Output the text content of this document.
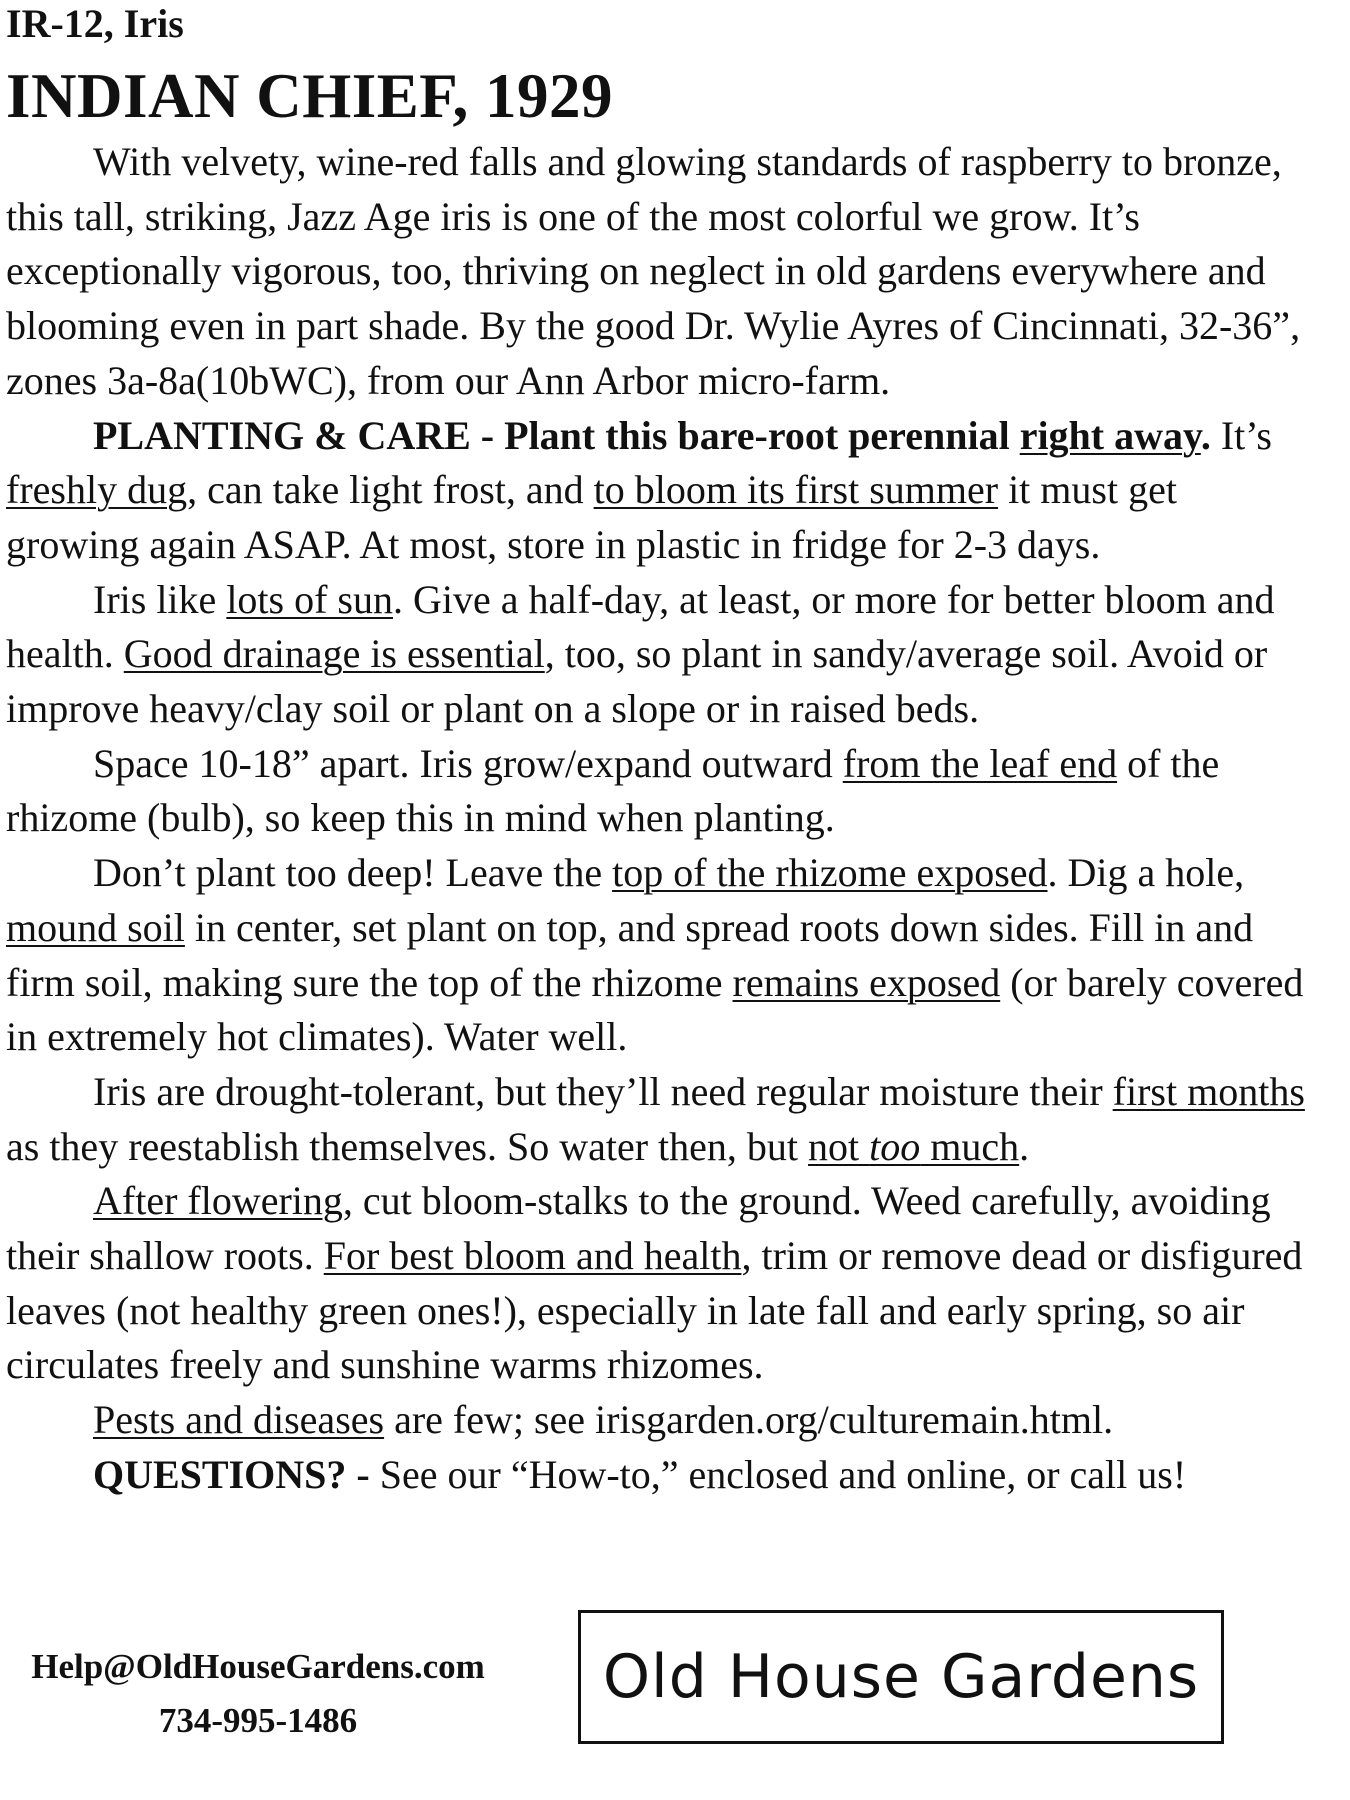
IR-12, Iris
INDIAN CHIEF, 1929

With velvety, wine-red falls and glowing standards of raspberry to bronze, this tall, striking, Jazz Age iris is one of the most colorful we grow. It’s exceptionally vigorous, too, thriving on neglect in old gardens everywhere and blooming even in part shade. By the good Dr. Wylie Ayres of Cincinnati, 32-36”, zones 3a-8a(10bWC), from our Ann Arbor micro-farm.

PLANTING & CARE - Plant this bare-root perennial right away. It’s freshly dug, can take light frost, and to bloom its first summer it must get growing again ASAP. At most, store in plastic in fridge for 2-3 days.

Iris like lots of sun. Give a half-day, at least, or more for better bloom and health. Good drainage is essential, too, so plant in sandy/average soil. Avoid or improve heavy/clay soil or plant on a slope or in raised beds.

Space 10-18” apart. Iris grow/expand outward from the leaf end of the rhizome (bulb), so keep this in mind when planting.

Don’t plant too deep! Leave the top of the rhizome exposed. Dig a hole, mound soil in center, set plant on top, and spread roots down sides. Fill in and firm soil, making sure the top of the rhizome remains exposed (or barely covered in extremely hot climates). Water well.

Iris are drought-tolerant, but they’ll need regular moisture their first months as they reestablish themselves. So water then, but not too much.

After flowering, cut bloom-stalks to the ground. Weed carefully, avoiding their shallow roots. For best bloom and health, trim or remove dead or disfigured leaves (not healthy green ones!), especially in late fall and early spring, so air circulates freely and sunshine warms rhizomes.

Pests and diseases are few; see irisgarden.org/culturemain.html.

QUESTIONS? - See our “How-to,” enclosed and online, or call us!

Help@OldHouseGardens.com
734-995-1486
Old House Gardens
